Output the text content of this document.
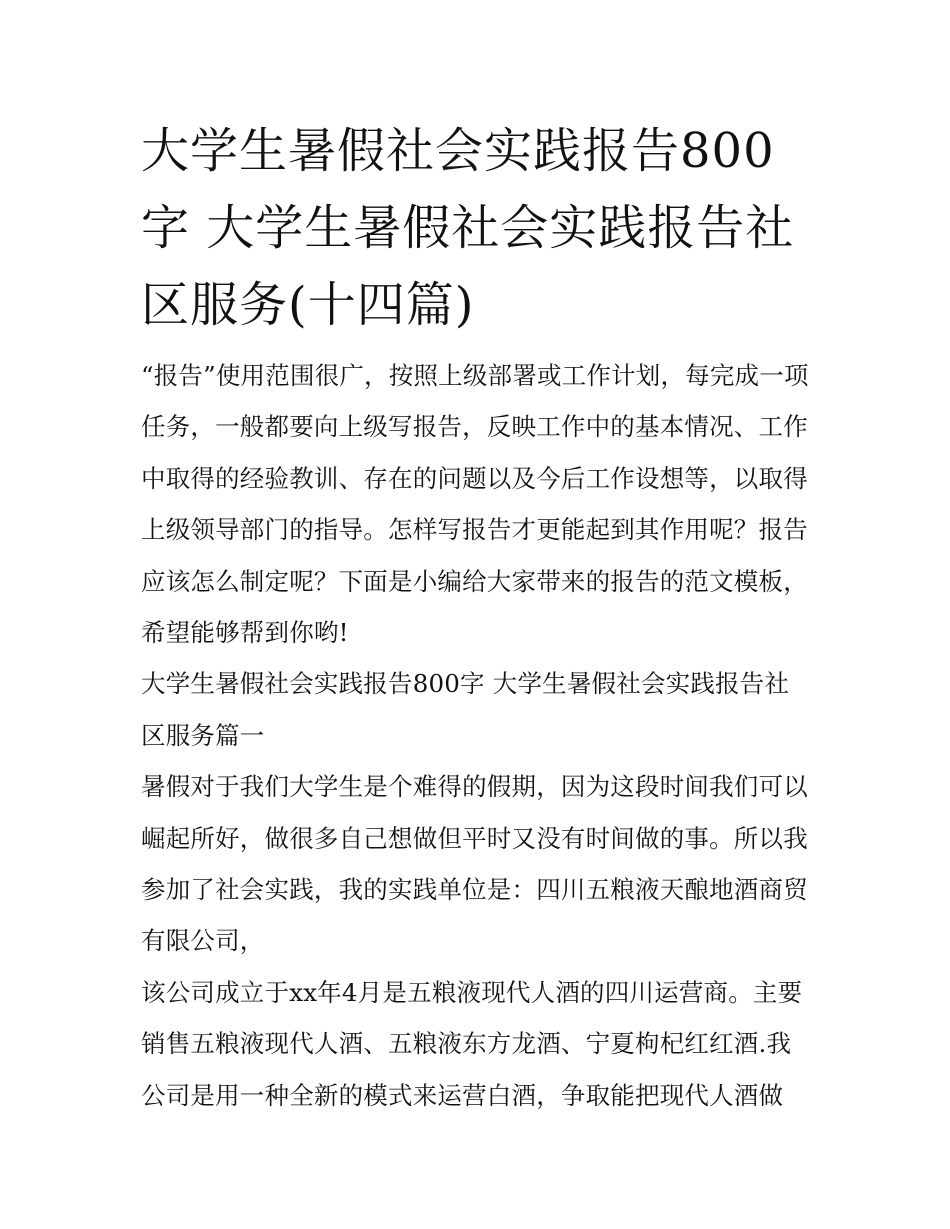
大学生暑假社会实践报告800
字 大学生暑假社会实践报告社
区服务(十四篇)

“报告”使用范围很广，按照上级部署或工作计划，每完成一项任务，一般都要向上级写报告，反映工作中的基本情况、工作中取得的经验教训、存在的问题以及今后工作设想等，以取得上级领导部门的指导。怎样写报告才更能起到其作用呢？报告应该怎么制定呢？下面是小编给大家带来的报告的范文模板，希望能够帮到你哟!

大学生暑假社会实践报告800字 大学生暑假社会实践报告社区服务篇一

暑假对于我们大学生是个难得的假期，因为这段时间我们可以崛起所好，做很多自己想做但平时又没有时间做的事。所以我参加了社会实践，我的实践单位是：四川五粮液天酿地酒商贸有限公司，

该公司成立于xx年4月是五粮液现代人酒的四川运营商。主要销售五粮液现代人酒、五粮液东方龙酒、宁夏枸杞红红酒.我公司是用一种全新的模式来运营白酒，争取能把现代人酒做
